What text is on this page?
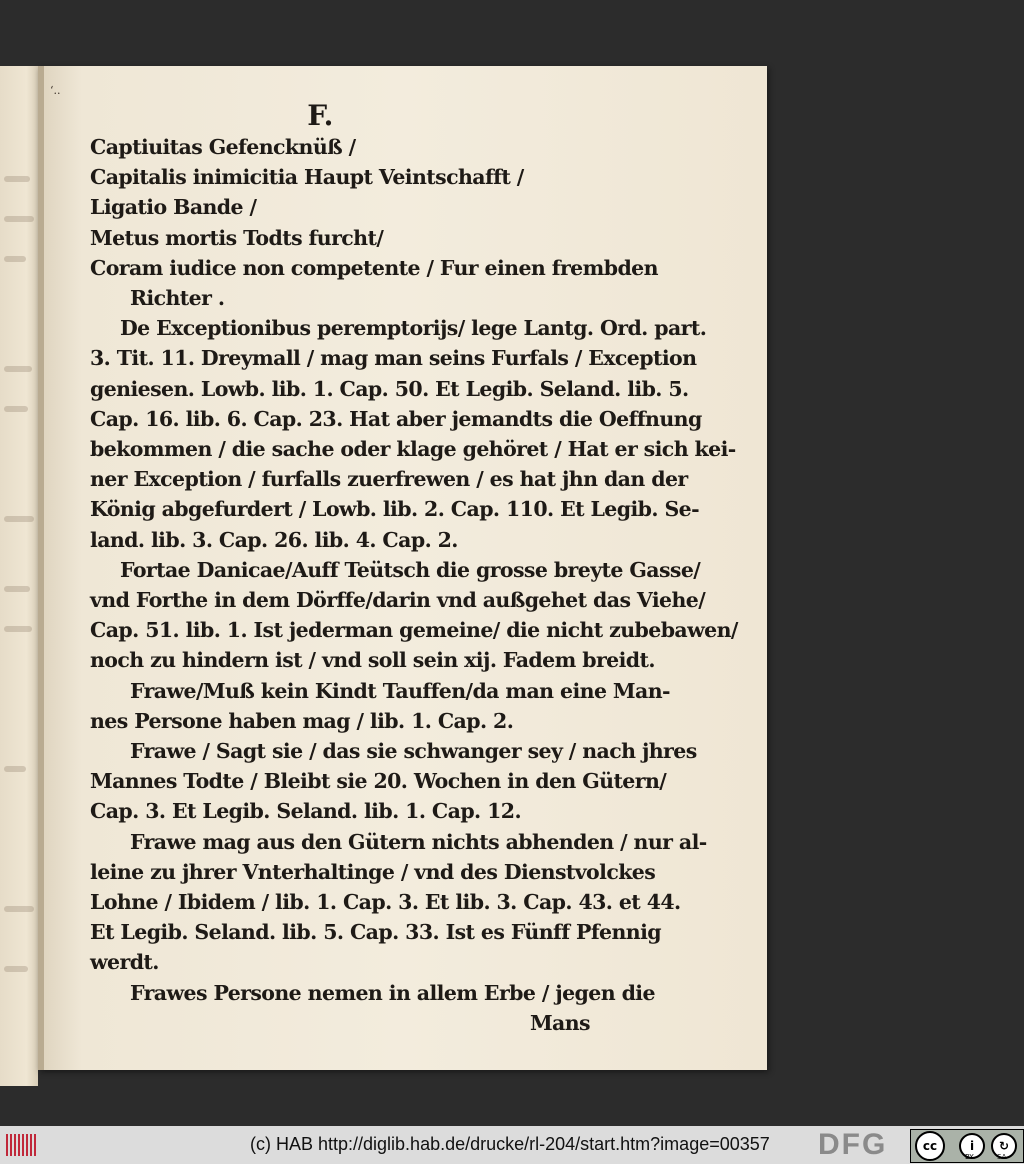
‘..
F.
Captiuitas Gefencknüß /
Capitalis inimicitia Haupt Veintschafft /
Ligatio Bande /
Metus mortis Todts furcht/
Coram iudice non competente / Fur einen frembden
Richter .
De Exceptionibus peremptorijs/ lege Lantg. Ord. part.
3. Tit. 11. Dreymall / mag man seins Furfals / Exception
geniesen. Lowb. lib. 1. Cap. 50. Et Legib. Seland. lib. 5.
Cap. 16. lib. 6. Cap. 23. Hat aber jemandts die Oeffnung
bekommen / die sache oder klage gehöret / Hat er sich kei-
ner Exception / furfalls zuerfrewen / es hat jhn dan der
König abgefurdert / Lowb. lib. 2. Cap. 110. Et Legib. Se-
land. lib. 3. Cap. 26. lib. 4. Cap. 2.
Fortae Danicae/Auff Teütsch die grosse breyte Gasse/
vnd Forthe in dem Dörffe/darin vnd außgehet das Viehe/
Cap. 51. lib. 1. Ist jederman gemeine/ die nicht zubebawen/
noch zu hindern ist / vnd soll sein xij. Fadem breidt.
Frawe/Muß kein Kindt Tauffen/da man eine Man-
nes Persone haben mag / lib. 1. Cap. 2.
Frawe / Sagt sie / das sie schwanger sey / nach jhres
Mannes Todte / Bleibt sie 20. Wochen in den Gütern/
Cap. 3. Et Legib. Seland. lib. 1. Cap. 12.
Frawe mag aus den Gütern nichts abhenden / nur al-
leine zu jhrer Vnterhaltinge / vnd des Dienstvolckes
Lohne / Ibidem / lib. 1. Cap. 3. Et lib. 3. Cap. 43. et 44.
Et Legib. Seland. lib. 5. Cap. 33. Ist es Fünff Pfennig
werdt.
Frawes Persone nemen in allem Erbe / jegen die
Mans
(c) HAB http://diglib.hab.de/drucke/rl-204/start.htm?image=00357 DFG	cc	i	↻
BY	SA
